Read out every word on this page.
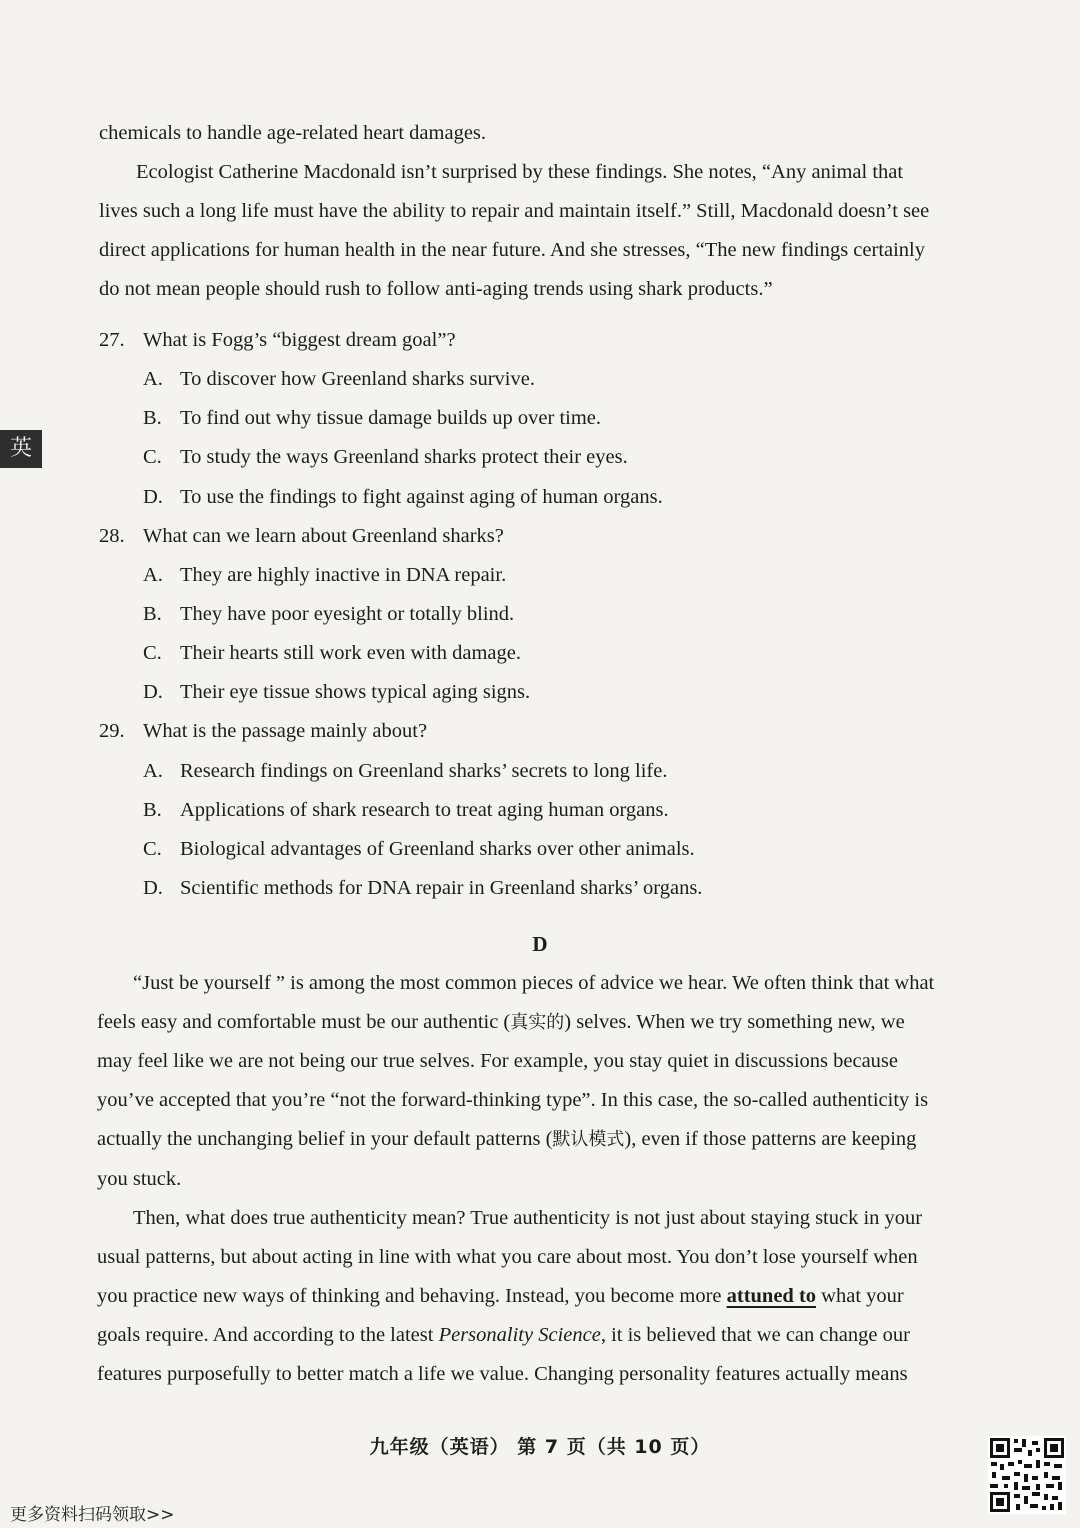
英
chemicals to handle age-related heart damages.
Ecologist Catherine Macdonald isn’t surprised by these findings. She notes, “Any animal that
lives such a long life must have the ability to repair and maintain itself.” Still, Macdonald doesn’t see
direct applications for human health in the near future. And she stresses, “The new findings certainly
do not mean people should rush to follow anti-aging trends using shark products.”
27. What is Fogg’s “biggest dream goal”?
A. To discover how Greenland sharks survive.
B. To find out why tissue damage builds up over time.
C. To study the ways Greenland sharks protect their eyes.
D. To use the findings to fight against aging of human organs.
28. What can we learn about Greenland sharks?
A. They are highly inactive in DNA repair.
B. They have poor eyesight or totally blind.
C. Their hearts still work even with damage.
D. Their eye tissue shows typical aging signs.
29. What is the passage mainly about?
A. Research findings on Greenland sharks’ secrets to long life.
B. Applications of shark research to treat aging human organs.
C. Biological advantages of Greenland sharks over other animals.
D. Scientific methods for DNA repair in Greenland sharks’ organs.
D
“Just be yourself ” is among the most common pieces of advice we hear. We often think that what
feels easy and comfortable must be our authentic (真实的) selves. When we try something new, we
may feel like we are not being our true selves. For example, you stay quiet in discussions because
you’ve accepted that you’re “not the forward-thinking type”. In this case, the so-called authenticity is
actually the unchanging belief in your default patterns (默认模式), even if those patterns are keeping
you stuck.
Then, what does true authenticity mean? True authenticity is not just about staying stuck in your
usual patterns, but about acting in line with what you care about most. You don’t lose yourself when
you practice new ways of thinking and behaving. Instead, you become more attuned to what your
goals require. And according to the latest Personality Science, it is believed that we can change our
features purposefully to better match a life we value. Changing personality features actually means
九年级（英语） 第 7 页（共 10 页）
更多资料扫码领取>>
